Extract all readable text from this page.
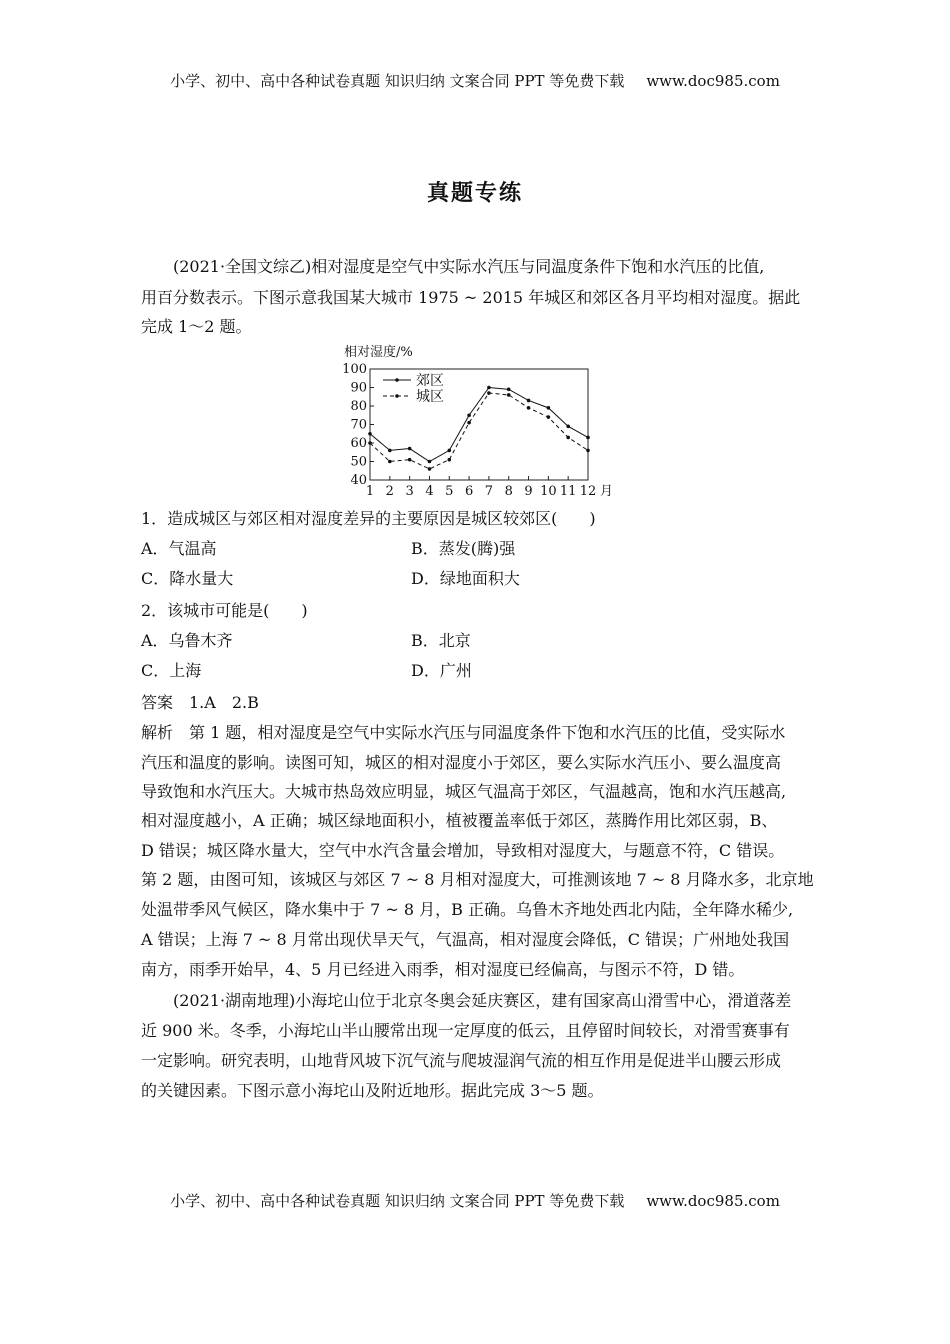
小学、初中、高中各种试卷真题 知识归纳 文案合同 PPT 等免费下载 www.doc985.com
真题专练
(2021·全国文综乙)相对湿度是空气中实际水汽压与同温度条件下饱和水汽压的比值,
用百分数表示。下图示意我国某大城市 1975 ~ 2015 年城区和郊区各月平均相对湿度。据此
完成 1～2 题。
40
50
60
70
80
90
100
1 2 3 4 5 6 7 8 9 10 11 12 月
相对湿度/%
郊区
城区
1．造成城区与郊区相对湿度差异的主要原因是城区较郊区(　　)
A．气温高	B．蒸发(腾)强
C．降水量大	D．绿地面积大
2．该城市可能是(　　)
A．乌鲁木齐	B．北京
C．上海	D．广州
答案　1.A　2.B
解析　第 1 题，相对湿度是空气中实际水汽压与同温度条件下饱和水汽压的比值，受实际水
汽压和温度的影响。读图可知，城区的相对湿度小于郊区，要么实际水汽压小、要么温度高
导致饱和水汽压大。大城市热岛效应明显，城区气温高于郊区，气温越高，饱和水汽压越高,
相对湿度越小，A 正确；城区绿地面积小，植被覆盖率低于郊区，蒸腾作用比郊区弱，B、
D 错误；城区降水量大，空气中水汽含量会增加，导致相对湿度大，与题意不符，C 错误。
第 2 题，由图可知，该城区与郊区 7 ~ 8 月相对湿度大，可推测该地 7 ~ 8 月降水多，北京地
处温带季风气候区，降水集中于 7 ~ 8 月，B 正确。乌鲁木齐地处西北内陆，全年降水稀少,
A 错误；上海 7 ~ 8 月常出现伏旱天气，气温高，相对湿度会降低，C 错误；广州地处我国
南方，雨季开始早，4、5 月已经进入雨季，相对湿度已经偏高，与图示不符，D 错。
(2021·湖南地理)小海坨山位于北京冬奥会延庆赛区，建有国家高山滑雪中心，滑道落差
近 900 米。冬季，小海坨山半山腰常出现一定厚度的低云，且停留时间较长，对滑雪赛事有
一定影响。研究表明，山地背风坡下沉气流与爬坡湿润气流的相互作用是促进半山腰云形成
的关键因素。下图示意小海坨山及附近地形。据此完成 3～5 题。
小学、初中、高中各种试卷真题 知识归纳 文案合同 PPT 等免费下载 www.doc985.com
